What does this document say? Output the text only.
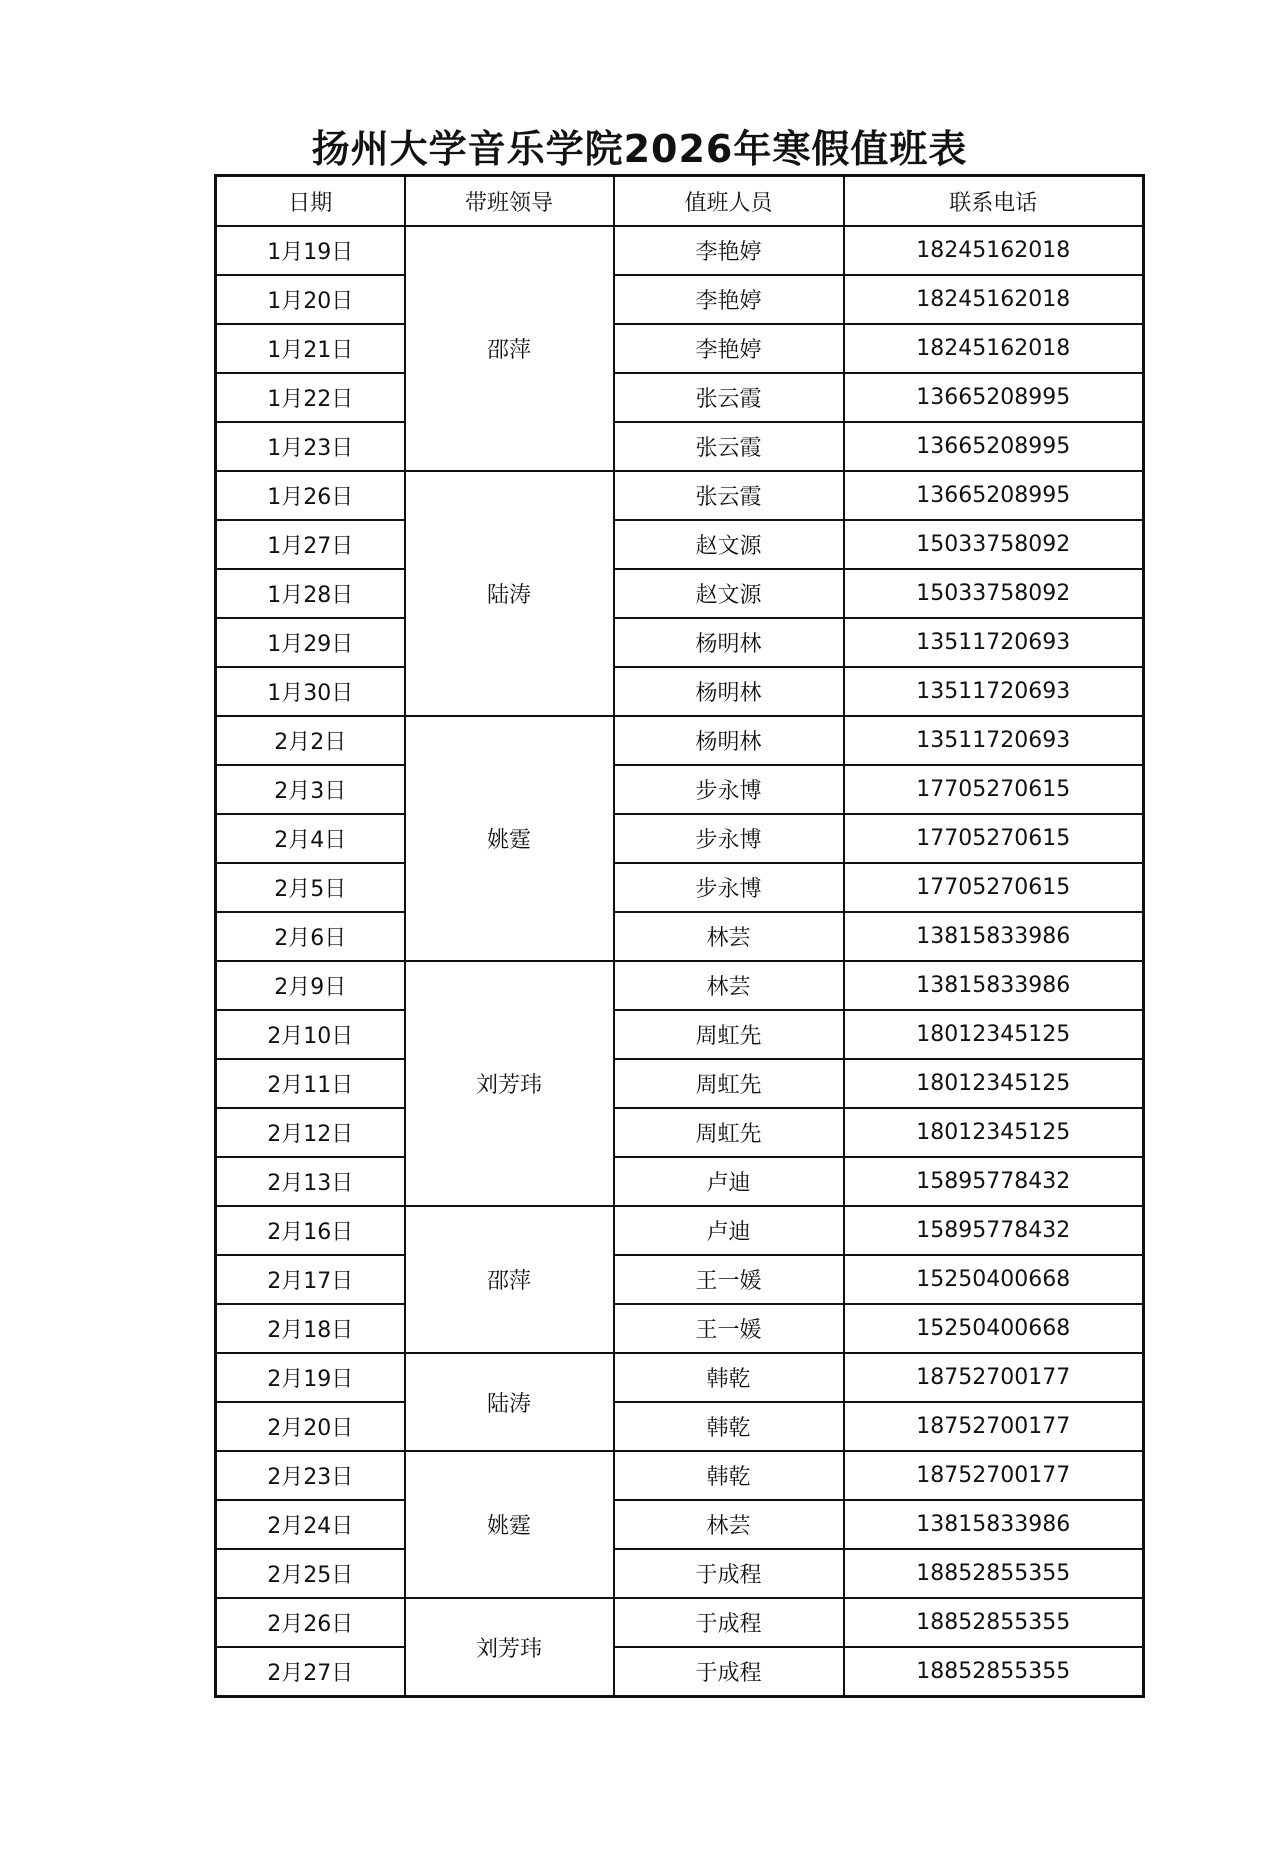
扬州大学音乐学院2026年寒假值班表
日期	带班领导	值班人员	联系电话
1月19日	邵萍	李艳婷	18245162018
1月20日		李艳婷	18245162018
1月21日		李艳婷	18245162018
1月22日		张云霞	13665208995
1月23日		张云霞	13665208995
1月26日	陆涛	张云霞	13665208995
1月27日		赵文源	15033758092
1月28日		赵文源	15033758092
1月29日		杨明林	13511720693
1月30日		杨明林	13511720693
2月2日	姚霆	杨明林	13511720693
2月3日		步永博	17705270615
2月4日		步永博	17705270615
2月5日		步永博	17705270615
2月6日		林芸	13815833986
2月9日	刘芳玮	林芸	13815833986
2月10日		周虹先	18012345125
2月11日		周虹先	18012345125
2月12日		周虹先	18012345125
2月13日		卢迪	15895778432
2月16日	邵萍	卢迪	15895778432
2月17日		王一媛	15250400668
2月18日		王一媛	15250400668
2月19日	陆涛	韩乾	18752700177
2月20日		韩乾	18752700177
2月23日	姚霆	韩乾	18752700177
2月24日		林芸	13815833986
2月25日		于成程	18852855355
2月26日	刘芳玮	于成程	18852855355
2月27日		于成程	18852855355
